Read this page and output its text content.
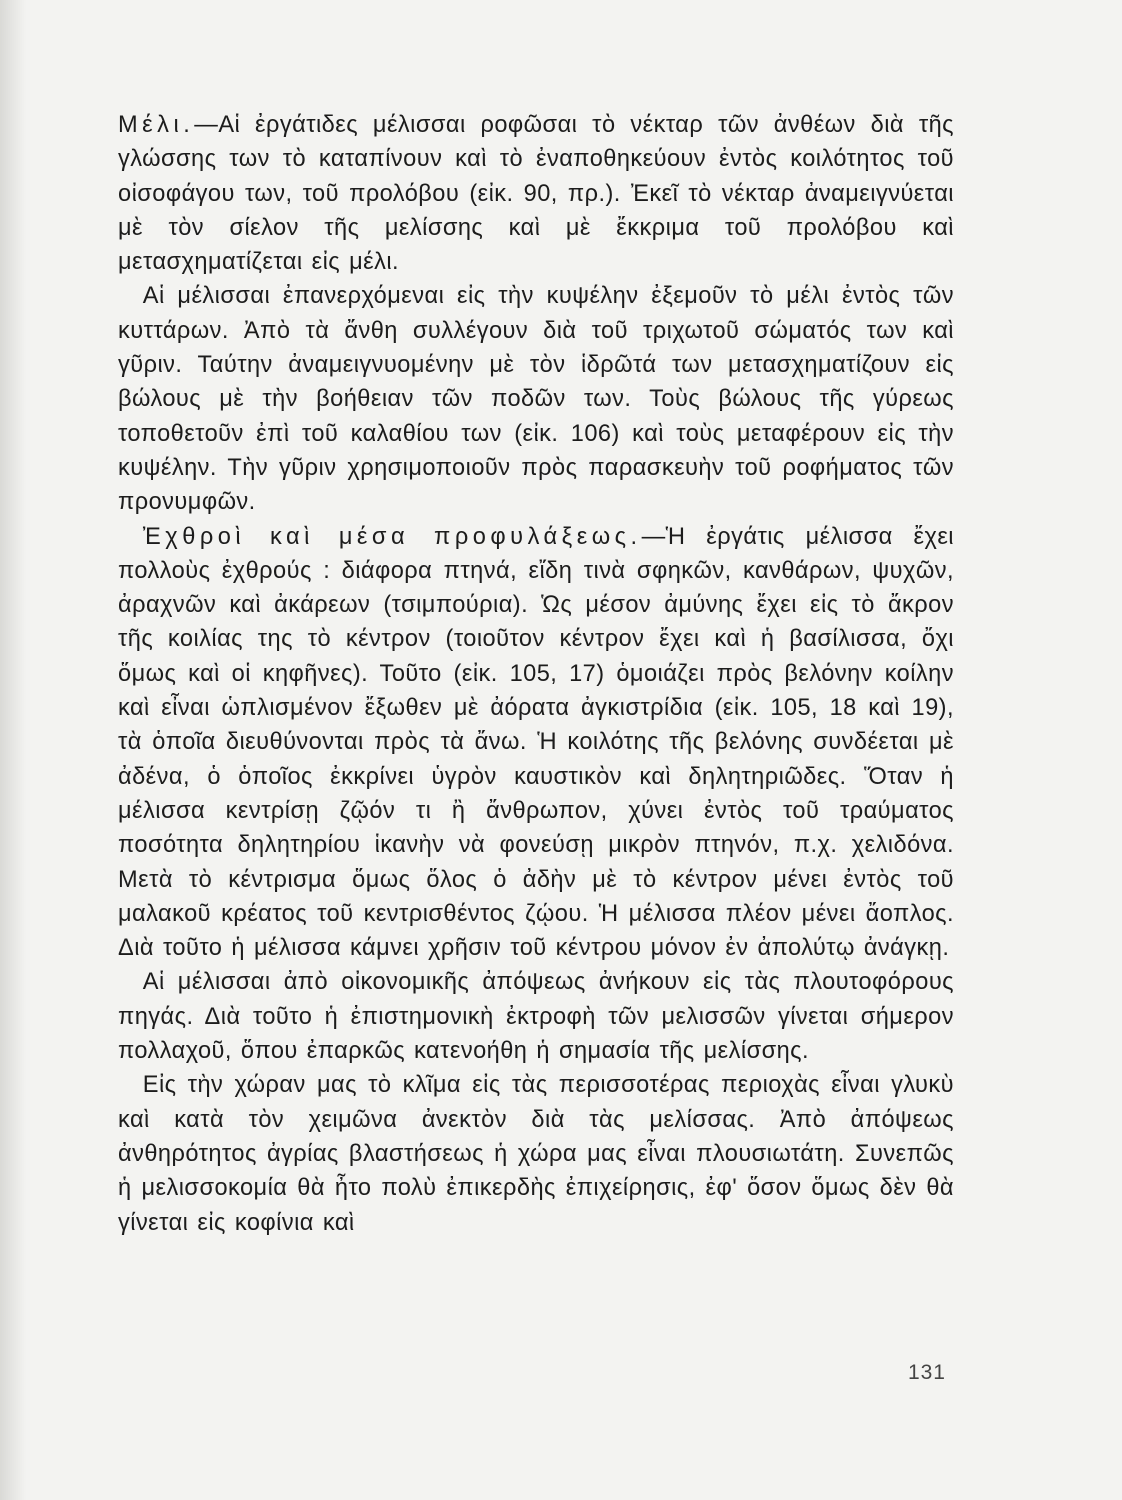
Μέλι.—Αἱ ἐργάτιδες μέλισσαι ροφῶσαι τὸ νέκταρ τῶν ἀνθέων διὰ τῆς γλώσσης των τὸ καταπίνουν καὶ τὸ ἐναποθηκεύουν ἐντὸς κοιλότητος τοῦ οἰσοφάγου των, τοῦ προλόβου (εἰκ. 90, πρ.). Ἐκεῖ τὸ νέκταρ ἀναμειγνύεται μὲ τὸν σίελον τῆς μελίσσης καὶ μὲ ἔκκριμα τοῦ προλόβου καὶ μετασχηματίζεται εἰς μέλι.

Αἱ μέλισσαι ἐπανερχόμεναι εἰς τὴν κυψέλην ἐξεμοῦν τὸ μέλι ἐντὸς τῶν κυττάρων. Ἀπὸ τὰ ἄνθη συλλέγουν διὰ τοῦ τριχωτοῦ σώματός των καὶ γῦριν. Ταύτην ἀναμειγνυομένην μὲ τὸν ἱδρῶτά των μετασχηματίζουν εἰς βώλους μὲ τὴν βοήθειαν τῶν ποδῶν των. Τοὺς βώλους τῆς γύρεως τοποθετοῦν ἐπὶ τοῦ καλαθίου των (εἰκ. 106) καὶ τοὺς μεταφέρουν εἰς τὴν κυψέλην. Τὴν γῦριν χρησιμοποιοῦν πρὸς παρασκευὴν τοῦ ροφήματος τῶν προνυμφῶν.

Ἐχθροὶ καὶ μέσα προφυλάξεως.—Ἡ ἐργάτις μέλισσα ἔχει πολλοὺς ἐχθρούς : διάφορα πτηνά, εἴδη τινὰ σφηκῶν, κανθάρων, ψυχῶν, ἀραχνῶν καὶ ἀκάρεων (τσιμπούρια). Ὡς μέσον ἀμύνης ἔχει εἰς τὸ ἄκρον τῆς κοιλίας της τὸ κέντρον (τοιοῦτον κέντρον ἔχει καὶ ἡ βασίλισσα, ὄχι ὅμως καὶ οἱ κηφῆνες). Τοῦτο (εἰκ. 105, 17) ὁμοιάζει πρὸς βελόνην κοίλην καὶ εἶναι ὡπλισμένον ἔξωθεν μὲ ἀόρατα ἀγκιστρίδια (εἰκ. 105, 18 καὶ 19), τὰ ὁποῖα διευθύνονται πρὸς τὰ ἄνω. Ἡ κοιλότης τῆς βελόνης συνδέεται μὲ ἀδένα, ὁ ὁποῖος ἐκκρίνει ὑγρὸν καυστικὸν καὶ δηλητηριῶδες. Ὅταν ἡ μέλισσα κεντρίσῃ ζῷόν τι ἢ ἄνθρωπον, χύνει ἐντὸς τοῦ τραύματος ποσότητα δηλητηρίου ἱκανὴν νὰ φονεύσῃ μικρὸν πτηνόν, π.χ. χελιδόνα. Μετὰ τὸ κέντρισμα ὅμως ὅλος ὁ ἀδὴν μὲ τὸ κέντρον μένει ἐντὸς τοῦ μαλακοῦ κρέατος τοῦ κεντρισθέντος ζῴου. Ἡ μέλισσα πλέον μένει ἄοπλος. Διὰ τοῦτο ἡ μέλισσα κάμνει χρῆσιν τοῦ κέντρου μόνον ἐν ἀπολύτῳ ἀνάγκῃ.

Αἱ μέλισσαι ἀπὸ οἰκονομικῆς ἀπόψεως ἀνήκουν εἰς τὰς πλουτοφόρους πηγάς. Διὰ τοῦτο ἡ ἐπιστημονικὴ ἐκτροφὴ τῶν μελισσῶν γίνεται σήμερον πολλαχοῦ, ὅπου ἐπαρκῶς κατενοήθη ἡ σημασία τῆς μελίσσης.

Εἰς τὴν χώραν μας τὸ κλῖμα εἰς τὰς περισσοτέρας περιοχὰς εἶναι γλυκὺ καὶ κατὰ τὸν χειμῶνα ἀνεκτὸν διὰ τὰς μελίσσας. Ἀπὸ ἀπόψεως ἀνθηρότητος ἀγρίας βλαστήσεως ἡ χώρα μας εἶναι πλουσιωτάτη. Συνεπῶς ἡ μελισσοκομία θὰ ἦτο πολὺ ἐπικερδὴς ἐπιχείρησις, ἐφ' ὅσον ὅμως δὲν θὰ γίνεται εἰς κοφίνια καὶ

131
